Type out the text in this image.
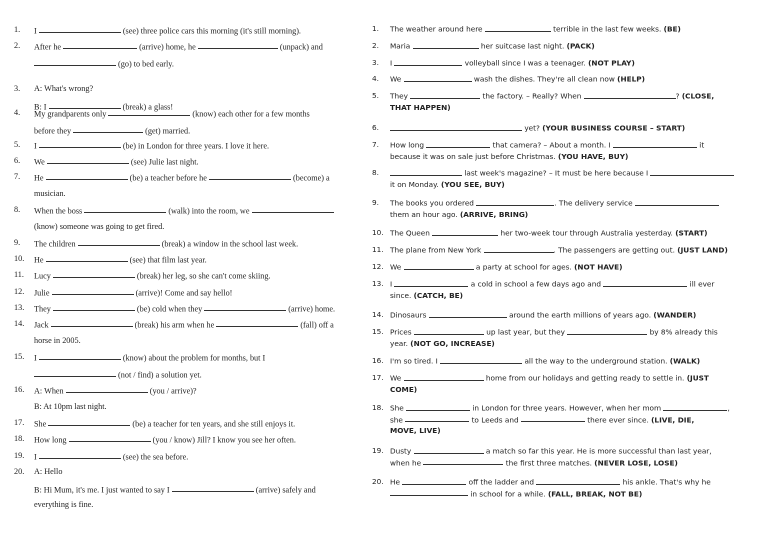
1.	I	(see) three police cars this morning (it's still morning).
2.	After he	(arrive) home, he	(unpack) and
(go) to bed early.
3.	A: What's wrong?
B: I	(break) a glass!
4.	My grandparents only	(know) each other for a few months
before they	(get) married.
5.	I	(be) in London for three years. I love it here.
6.	We	(see) Julie last night.
7.	He	(be) a teacher before he	(become) a
musician.
8.	When the boss	(walk) into the room, we
(know) someone was going to get fired.
9.	The children	(break) a window in the school last week.
10.	He	(see) that film last year.
11.	Lucy	(break) her leg, so she can't come skiing.
12.	Julie	(arrive)! Come and say hello!
13.	They	(be) cold when they	(arrive) home.
14.	Jack	(break) his arm when he	(fall) off a
horse in 2005.
15.	I	(know) about the problem for months, but I
(not / find) a solution yet.
16.	A: When	(you / arrive)?
B: At 10pm last night.
17.	She	(be) a teacher for ten years, and she still enjoys it.
18.	How long	(you / know) Jill? I know you see her often.
19.	I	(see) the sea before.
20.	A: Hello
B: Hi Mum, it's me. I just wanted to say I	(arrive) safely and
everything is fine.
1.	The weather around here	terrible in the last few weeks. (BE)
2.	Maria	her suitcase last night. (PACK)
3.	I	volleyball since I was a teenager. (NOT PLAY)
4.	We	wash the dishes. They're all clean now (HELP)
5.	They	the factory. – Really? When	? (CLOSE,
THAT HAPPEN)
6.	yet? (YOUR BUSINESS COURSE – START)
7.	How long	that camera? – About a month. I	it
because it was on sale just before Christmas. (YOU HAVE, BUY)
8.	last week's magazine? – It must be here because I
it on Monday. (YOU SEE, BUY)
9.	The books you ordered	. The delivery service
them an hour ago. (ARRIVE, BRING)
10. The Queen	her two-week tour through Australia yesterday. (START)
11. The plane from New York	. The passengers are getting out. (JUST LAND)
12. We	a party at school for ages. (NOT HAVE)
13. I	a cold in school a few days ago and	ill ever
since. (CATCH, BE)
14. Dinosaurs	around the earth millions of years ago. (WANDER)
15. Prices	up last year, but they	by 8% already this
year. (NOT GO, INCREASE)
16. I'm so tired. I	all the way to the underground station. (WALK)
17. We	home from our holidays and getting ready to settle in. (JUST
COME)
18. She	in London for three years. However, when her mom	,
she	to Leeds and	there ever since. (LIVE, DIE,
MOVE, LIVE)
19. Dusty	a match so far this year. He is more successful than last year,
when he	the first three matches. (NEVER LOSE, LOSE)
20. He	off the ladder and	his ankle. That's why he
in school for a while. (FALL, BREAK, NOT BE)
